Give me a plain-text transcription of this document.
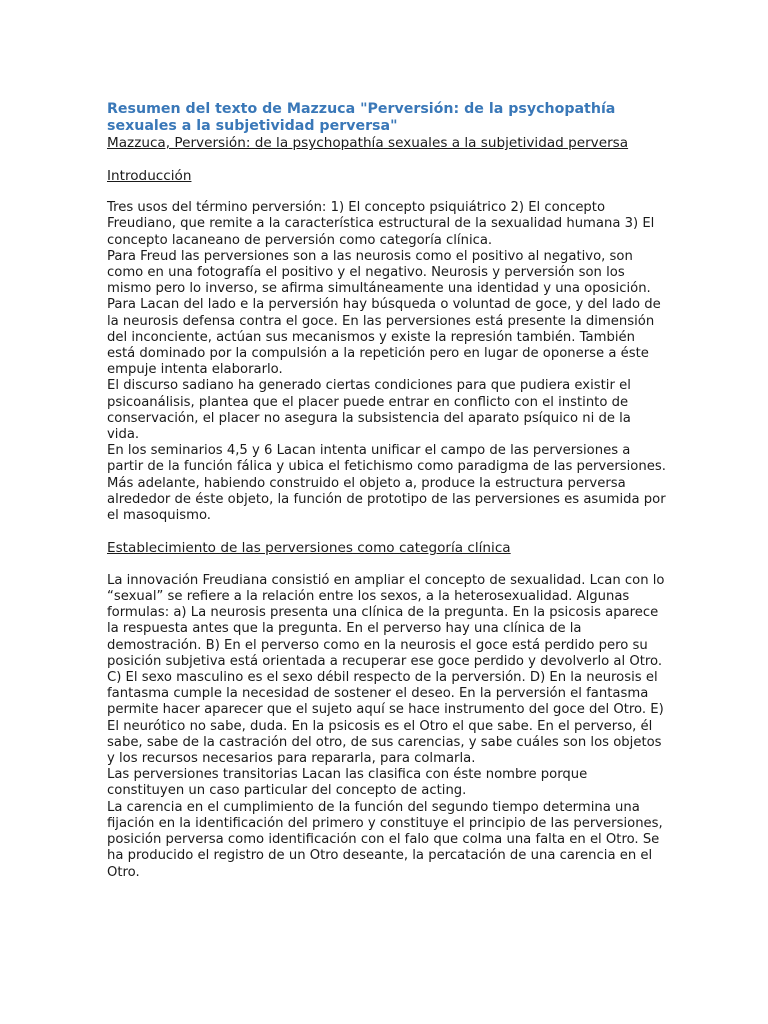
Resumen del texto de Mazzuca "Perversión: de la psychopathía sexuales a la subjetividad perversa"

Mazzuca, Perversión: de la psychopathía sexuales a la subjetividad perversa

Introducción

Tres usos del término perversión: 1) El concepto psiquiátrico 2) El concepto Freudiano, que remite a la característica estructural de la sexualidad humana 3) El concepto lacaneano de perversión como categoría clínica.

Para Freud las perversiones son a las neurosis como el positivo al negativo, son como en una fotografía el positivo y el negativo. Neurosis y perversión son los mismo pero lo inverso, se afirma simultáneamente una identidad y una oposición. Para Lacan del lado e la perversión hay búsqueda o voluntad de goce, y del lado de la neurosis defensa contra el goce. En las perversiones está presente la dimensión del inconciente, actúan sus mecanismos y existe la represión también. También está dominado por la compulsión a la repetición pero en lugar de oponerse a éste empuje intenta elaborarlo.

El discurso sadiano ha generado ciertas condiciones para que pudiera existir el psicoanálisis, plantea que el placer puede entrar en conflicto con el instinto de conservación, el placer no asegura la subsistencia del aparato psíquico ni de la vida.

En los seminarios 4,5 y 6 Lacan intenta unificar el campo de las perversiones a partir de la función fálica y ubica el fetichismo como paradigma de las perversiones.

Más adelante, habiendo construido el objeto a, produce la estructura perversa alrededor de éste objeto, la función de prototipo de las perversiones es asumida por el masoquismo.

Establecimiento de las perversiones como categoría clínica

La innovación Freudiana consistió en ampliar el concepto de sexualidad. Lcan con lo “sexual” se refiere a la relación entre los sexos, a la heterosexualidad. Algunas formulas: a) La neurosis presenta una clínica de la pregunta. En la psicosis aparece la respuesta antes que la pregunta. En el perverso hay una clínica de la demostración. B) En el perverso como en la neurosis el goce está perdido pero su posición subjetiva está orientada a recuperar ese goce perdido y devolverlo al Otro. C) El sexo masculino es el sexo débil respecto de la perversión. D) En la neurosis el fantasma cumple la necesidad de sostener el deseo. En la perversión el fantasma permite hacer aparecer que el sujeto aquí se hace instrumento del goce del Otro. E) El neurótico no sabe, duda. En la psicosis es el Otro el que sabe. En el perverso, él sabe, sabe de la castración del otro, de sus carencias, y sabe cuáles son los objetos y los recursos necesarios para repararla, para colmarla.

Las perversiones transitorias Lacan las clasifica con éste nombre porque constituyen un caso particular del concepto de acting.

La carencia en el cumplimiento de la función del segundo tiempo determina una fijación en la identificación del primero y constituye el principio de las perversiones, posición perversa como identificación con el falo que colma una falta en el Otro. Se ha producido el registro de un Otro deseante, la percatación de una carencia en el Otro.
